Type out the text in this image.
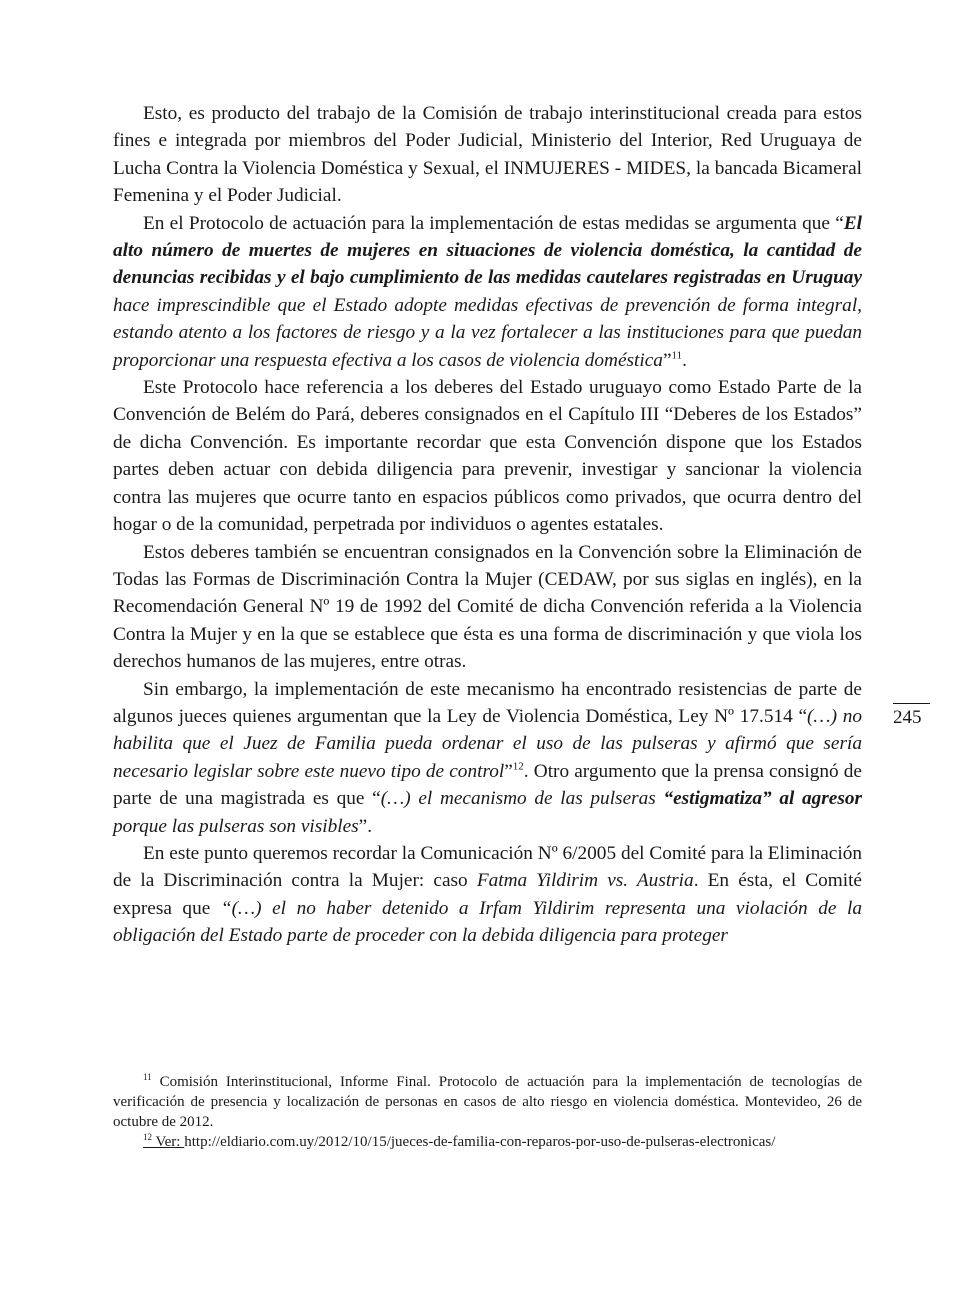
Esto, es producto del trabajo de la Comisión de trabajo interinstitucional creada para estos fines e integrada por miembros del Poder Judicial, Ministerio del Interior, Red Uruguaya de Lucha Contra la Violencia Doméstica y Sexual, el INMUJERES - MIDES, la bancada Bicameral Femenina y el Poder Judicial.

En el Protocolo de actuación para la implementación de estas medidas se argumenta que “El alto número de muertes de mujeres en situaciones de violencia doméstica, la cantidad de denuncias recibidas y el bajo cumplimiento de las medidas cautelares registradas en Uruguay hace imprescindible que el Estado adopte medidas efectivas de prevención de forma integral, estando atento a los factores de riesgo y a la vez fortalecer a las instituciones para que puedan proporcionar una respuesta efectiva a los casos de violencia doméstica”$^{11}$.

Este Protocolo hace referencia a los deberes del Estado uruguayo como Estado Parte de la Convención de Belém do Pará, deberes consignados en el Capítulo III “Deberes de los Estados” de dicha Convención. Es importante recordar que esta Convención dispone que los Estados partes deben actuar con debida diligencia para prevenir, investigar y sancionar la violencia contra las mujeres que ocurre tanto en espacios públicos como privados, que ocurra dentro del hogar o de la comunidad, perpetrada por individuos o agentes estatales.

Estos deberes también se encuentran consignados en la Convención sobre la Eliminación de Todas las Formas de Discriminación Contra la Mujer (CEDAW, por sus siglas en inglés), en la Recomendación General Nº 19 de 1992 del Comité de dicha Convención referida a la Violencia Contra la Mujer y en la que se establece que ésta es una forma de discriminación y que viola los derechos humanos de las mujeres, entre otras.

Sin embargo, la implementación de este mecanismo ha encontrado resistencias de parte de algunos jueces quienes argumentan que la Ley de Violencia Doméstica, Ley Nº 17.514 “(…) no habilita que el Juez de Familia pueda ordenar el uso de las pulseras y afirmó que sería necesario legislar sobre este nuevo tipo de control”$^{12}$. Otro argumento que la prensa consignó de parte de una magistrada es que “(…) el mecanismo de las pulseras “estigmatiza” al agresor porque las pulseras son visibles”.

En este punto queremos recordar la Comunicación Nº 6/2005 del Comité para la Eliminación de la Discriminación contra la Mujer: caso Fatma Yildirim vs. Austria. En ésta, el Comité expresa que “(…) el no haber detenido a Irfam Yildirim representa una violación de la obligación del Estado parte de proceder con la debida diligencia para proteger

245

$^{11}$ Comisión Interinstitucional, Informe Final. Protocolo de actuación para la implementación de tecnologías de verificación de presencia y localización de personas en casos de alto riesgo en violencia doméstica. Montevideo, 26 de octubre de 2012.

$^{12}$ Ver: http://eldiario.com.uy/2012/10/15/jueces-de-familia-con-reparos-por-uso-de-pulseras-electronicas/
